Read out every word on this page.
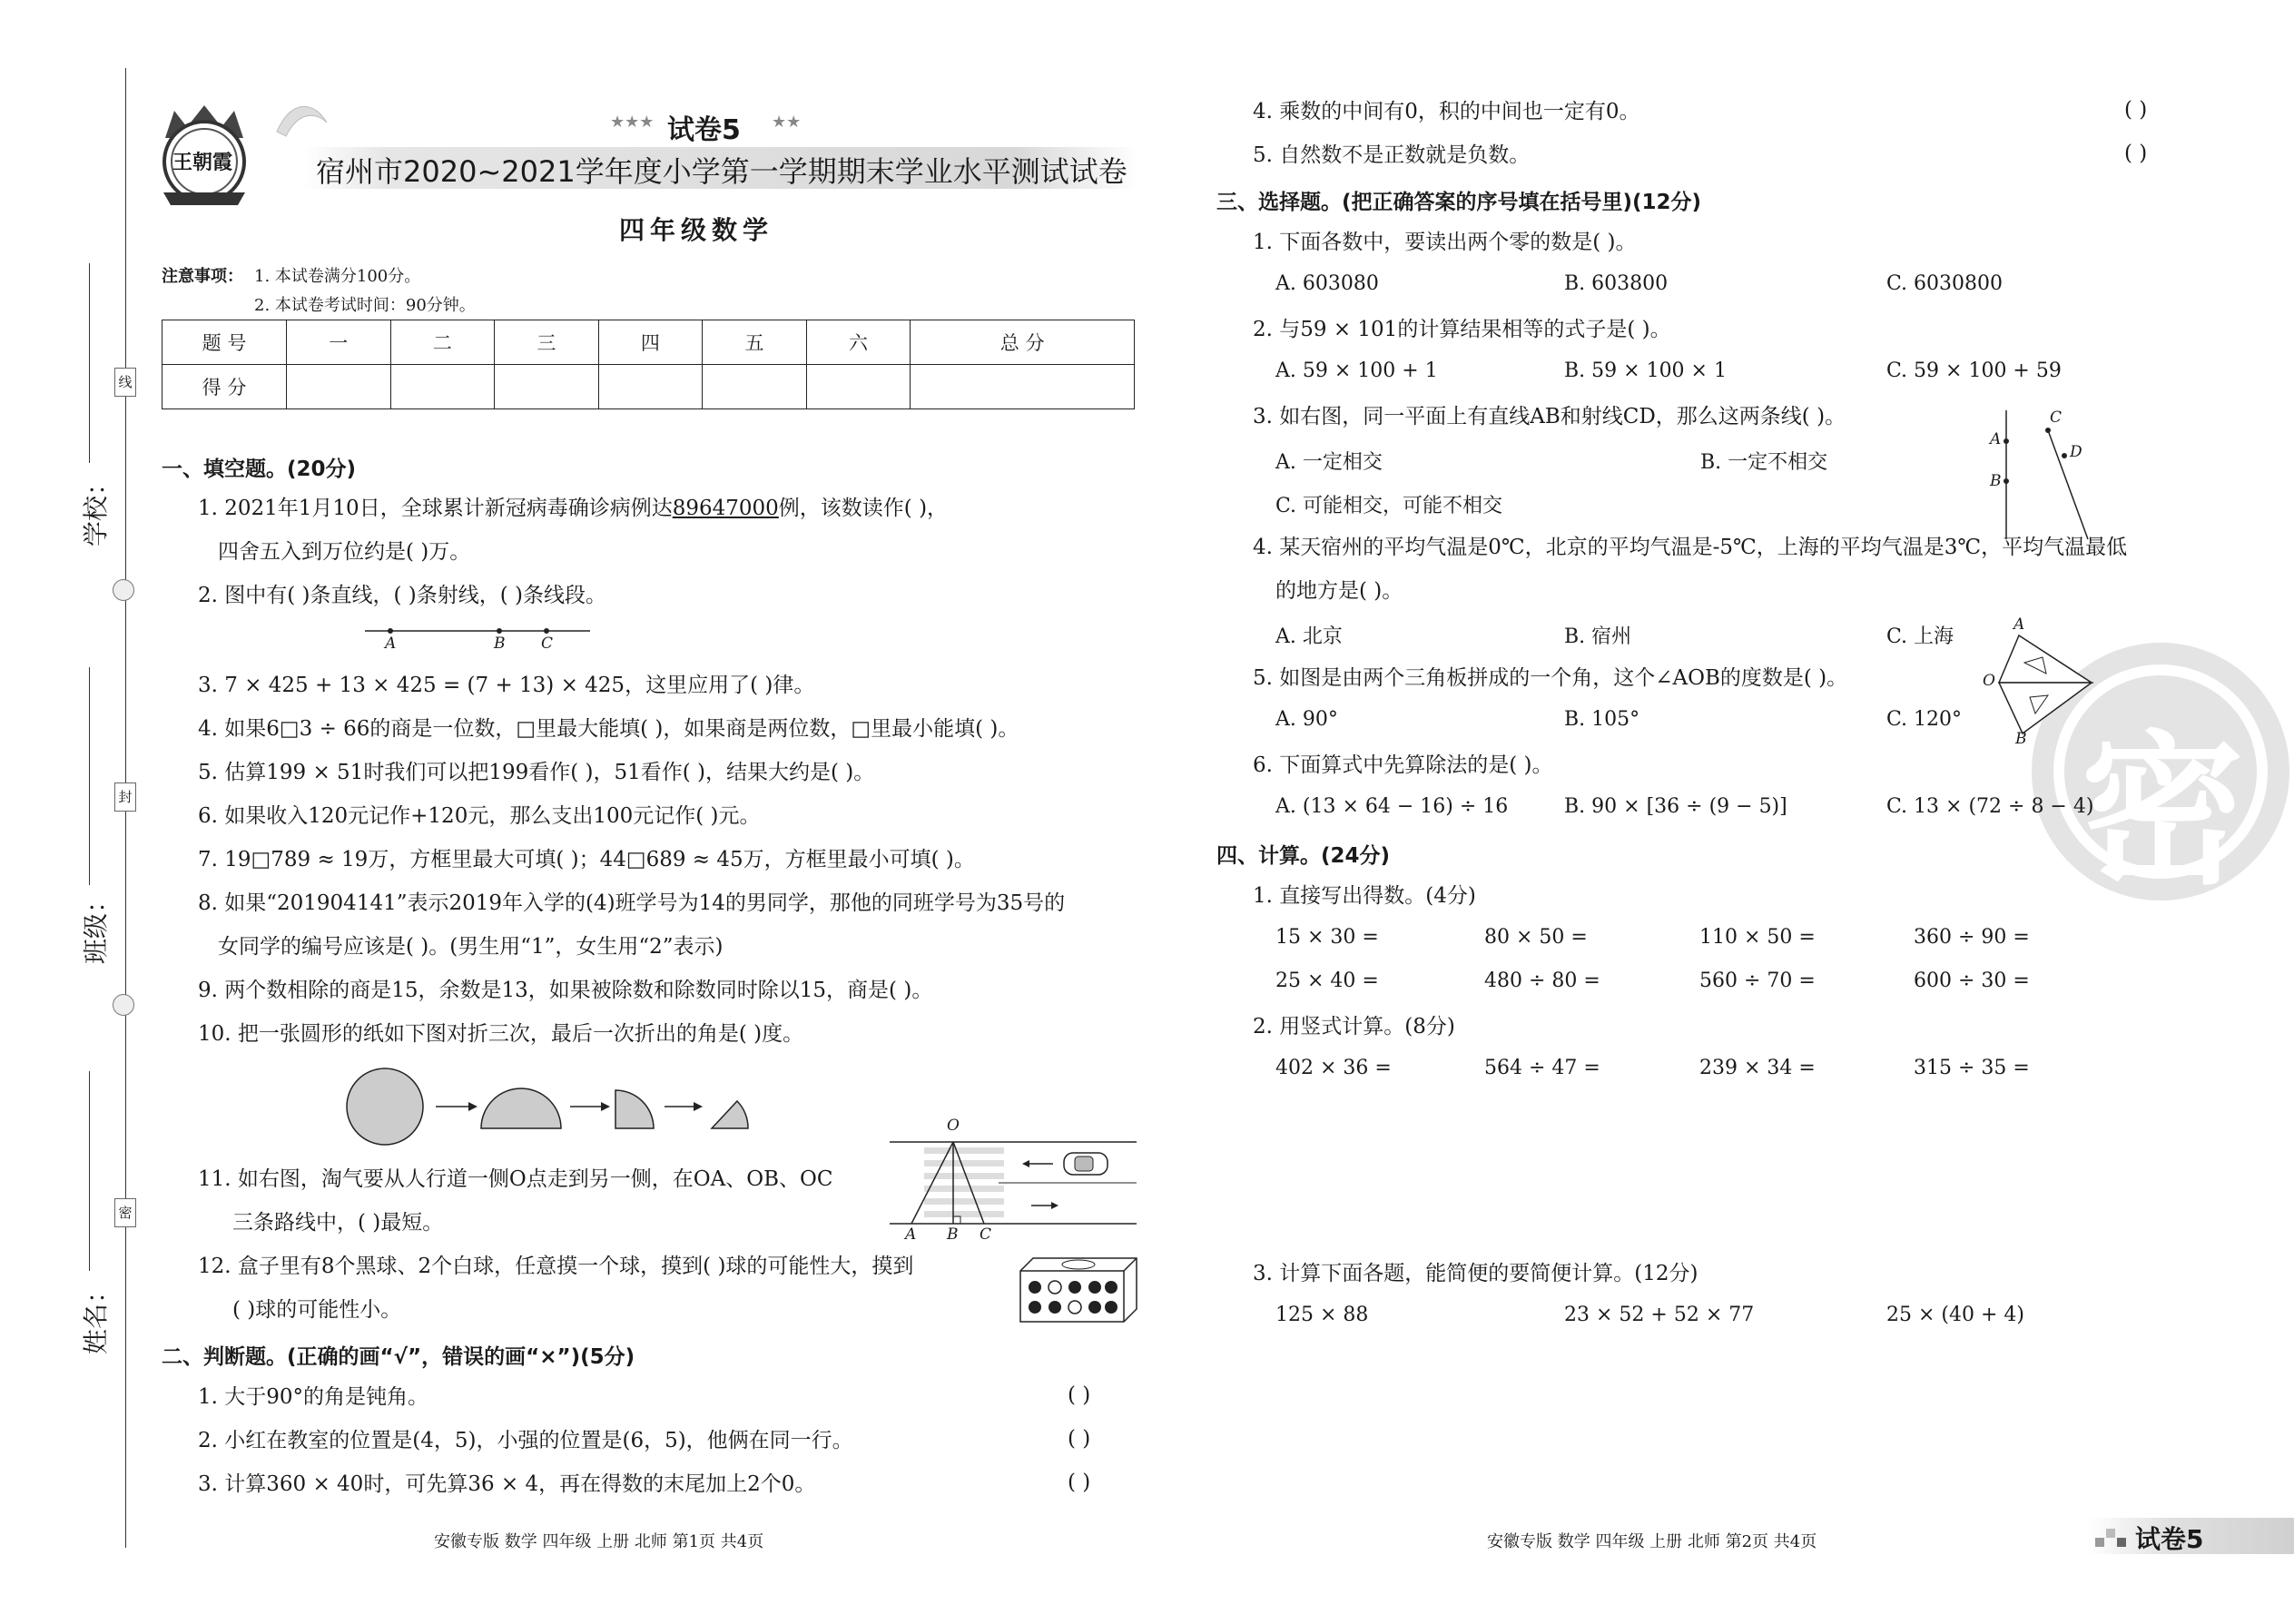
线
封
密
学校：
班级：
姓名：
王朝霞
★★★ 试卷5 ★★
宿州市2020~2021学年度小学第一学期期末学业水平测试试卷
四年级数学
注意事项： 1. 本试卷满分100分。
2. 本试卷考试时间：90分钟。
题 号	一	二	三	四	五	六	总 分
得 分							
一、填空题。(20分)
1. 2021年1月10日，全球累计新冠病毒确诊病例达89647000例，该数读作( )，
四舍五入到万位约是( )万。
2. 图中有( )条直线，( )条射线，( )条线段。
A	B C
3. 7 × 425 + 13 × 425 = (7 + 13) × 425，这里应用了( )律。
4. 如果6□3 ÷ 66的商是一位数，□里最大能填( )，如果商是两位数，□里最小能填( )。
5. 估算199 × 51时我们可以把199看作( )，51看作( )，结果大约是( )。
6. 如果收入120元记作+120元，那么支出100元记作( )元。
7. 19□789 ≈ 19万，方框里最大可填( )；44□689 ≈ 45万，方框里最小可填( )。
8. 如果“201904141”表示2019年入学的(4)班学号为14的男同学，那他的同班学号为35号的
女同学的编号应该是( )。(男生用“1”，女生用“2”表示)
9. 两个数相除的商是15，余数是13，如果被除数和除数同时除以15，商是( )。
10. 把一张圆形的纸如下图对折三次，最后一次折出的角是( )度。
11. 如右图，淘气要从人行道一侧O点走到另一侧，在OA、OB、OC
三条路线中，( )最短。
O
A B C
12. 盒子里有8个黑球、2个白球，任意摸一个球，摸到( )球的可能性大，摸到
( )球的可能性小。
二、判断题。(正确的画“√”，错误的画“×”)(5分)
1. 大于90°的角是钝角。	( )
2. 小红在教室的位置是(4，5)，小强的位置是(6，5)，他俩在同一行。	( )
3. 计算360 × 40时，可先算36 × 4，再在得数的末尾加上2个0。	( )
安徽专版 数学 四年级 上册 北师 第1页 共4页
4. 乘数的中间有0，积的中间也一定有0。	( )
5. 自然数不是正数就是负数。	( )
密
三、选择题。(把正确答案的序号填在括号里)(12分)
1. 下面各数中，要读出两个零的数是( )。
A. 603080	B. 603800	C. 6030800
2. 与59 × 101的计算结果相等的式子是( )。
A. 59 × 100 + 1	B. 59 × 100 × 1	C. 59 × 100 + 59
3. 如右图，同一平面上有直线AB和射线CD，那么这两条线( )。
A. 一定相交	B. 一定不相交
C. 可能相交，可能不相交
A
B
C
D
4. 某天宿州的平均气温是0℃，北京的平均气温是-5℃，上海的平均气温是3℃，平均气温最低
的地方是( )。
A. 北京	B. 宿州	C. 上海
5. 如图是由两个三角板拼成的一个角，这个∠AOB的度数是( )。
A. 90°	B. 105°	C. 120°
A
O
B
6. 下面算式中先算除法的是( )。
A. (13 × 64 − 16) ÷ 16	B. 90 × [36 ÷ (9 − 5)]	C. 13 × (72 ÷ 8 − 4)
四、计算。(24分)
1. 直接写出得数。(4分)
15 × 30 =	80 × 50 =	110 × 50 =	360 ÷ 90 =
25 × 40 =	480 ÷ 80 =	560 ÷ 70 =	600 ÷ 30 =
2. 用竖式计算。(8分)
402 × 36 =	564 ÷ 47 =	239 × 34 =	315 ÷ 35 =
3. 计算下面各题，能简便的要简便计算。(12分)
125 × 88	23 × 52 + 52 × 77	25 × (40 + 4)
安徽专版 数学 四年级 上册 北师 第2页 共4页	试卷5
